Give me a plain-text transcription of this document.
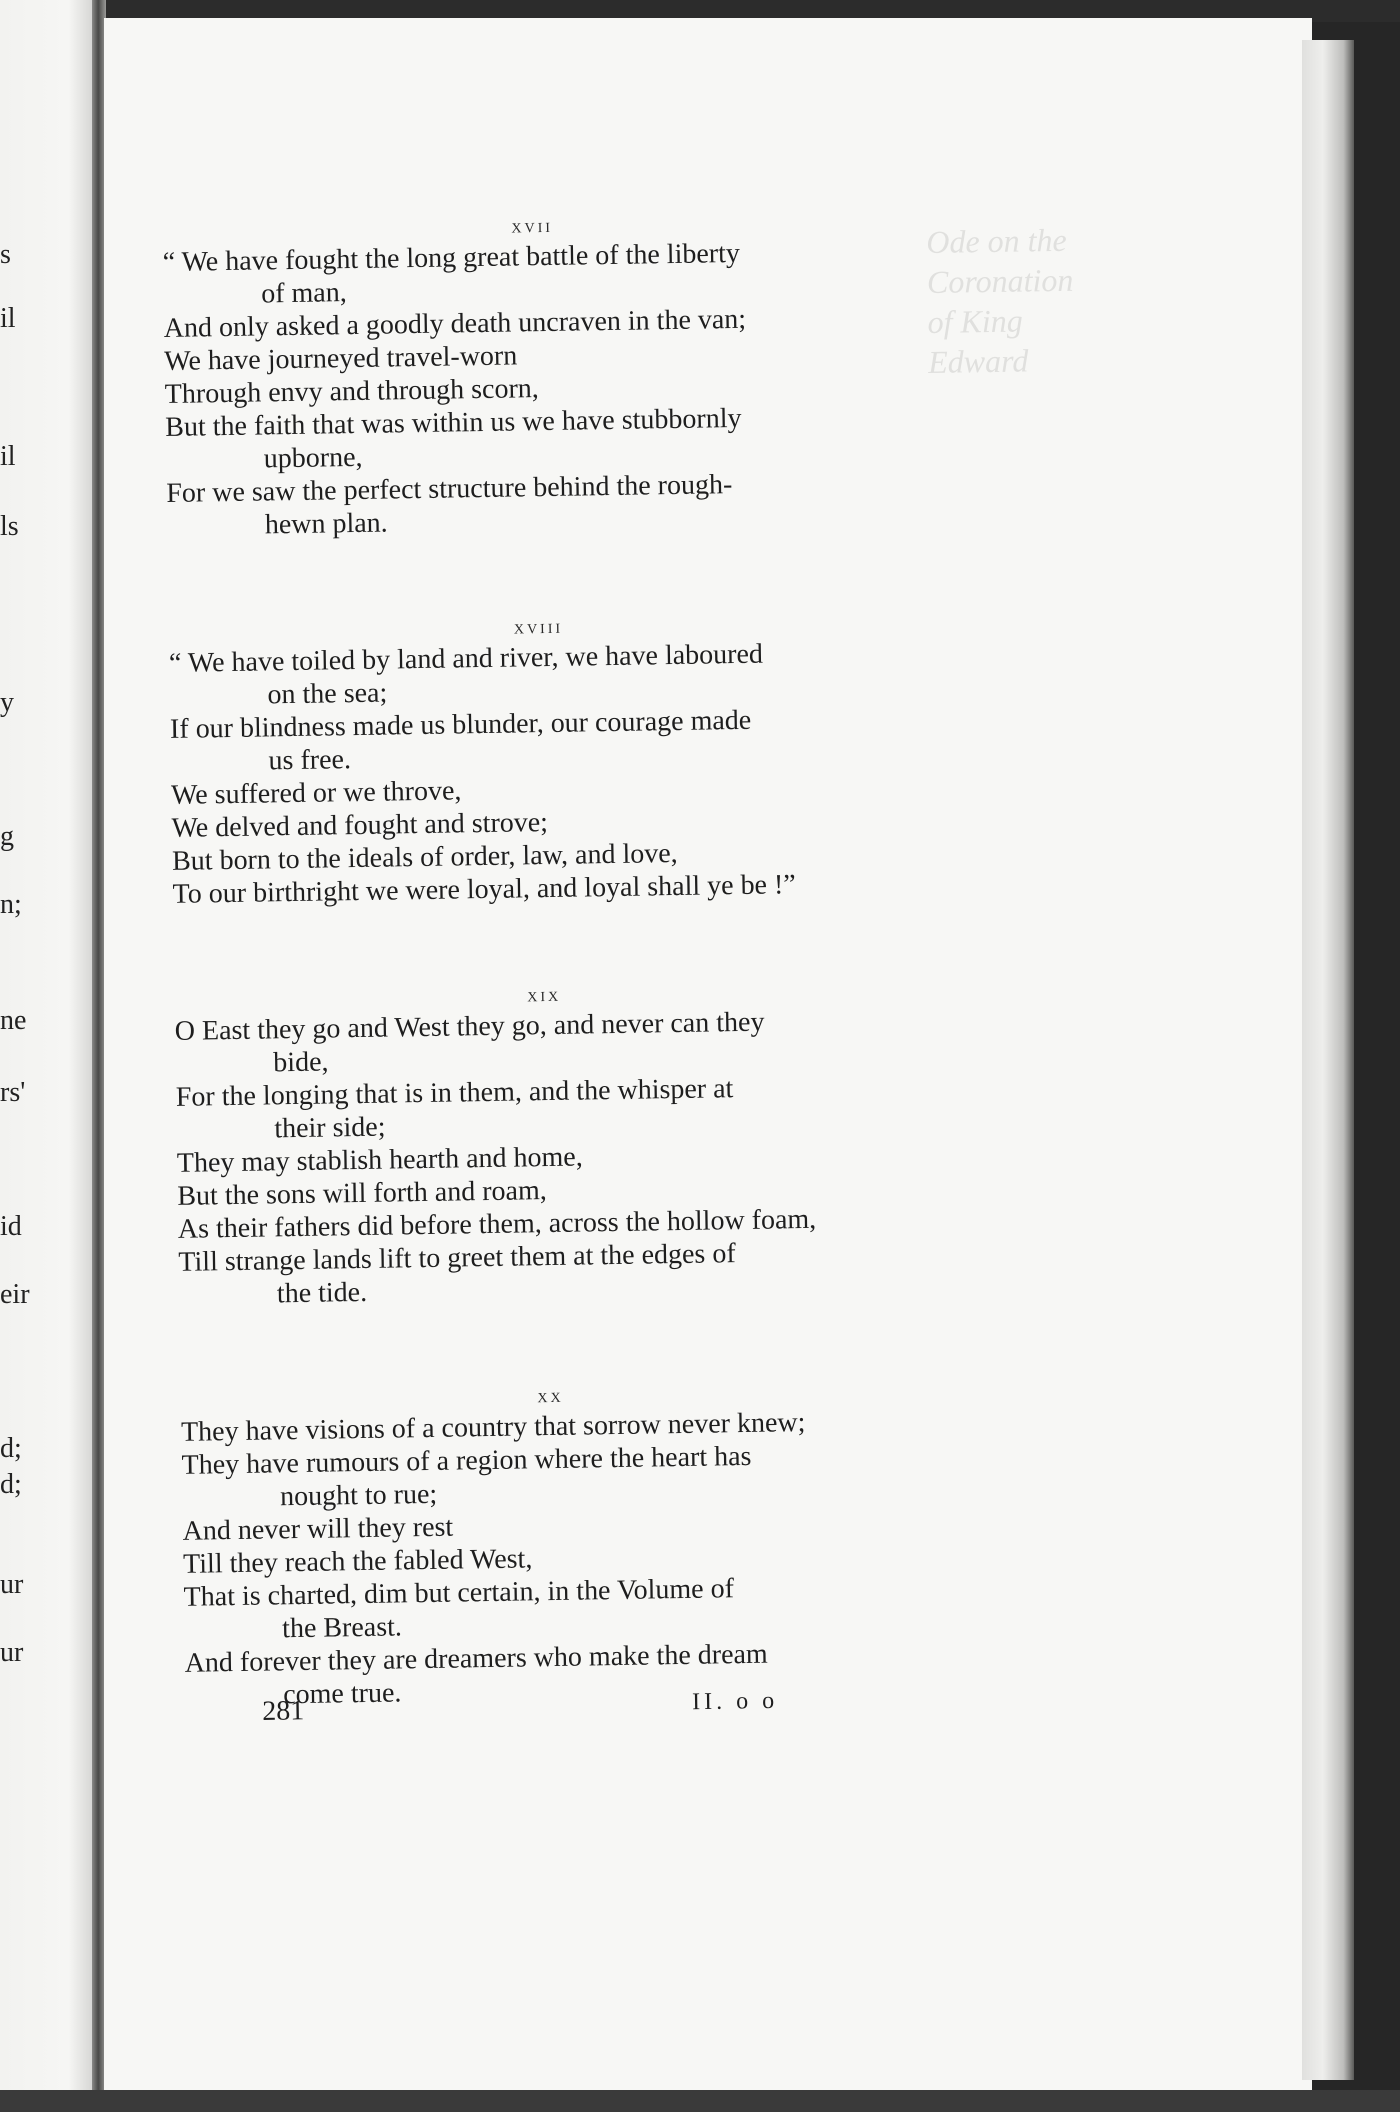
s
il
il
ls
y
g
n;
ne
rs'
id
eir
d;
d;
ur
ur
xvii
“ We have fought the long great battle of the liberty
of man,
And only asked a goodly death uncraven in the van;
We have journeyed travel-worn
Through envy and through scorn,
But the faith that was within us we have stubbornly
upborne,
For we saw the perfect structure behind the rough-
hewn plan.
xviii
“ We have toiled by land and river, we have laboured
on the sea;
If our blindness made us blunder, our courage made
us free.
We suffered or we throve,
We delved and fought and strove;
But born to the ideals of order, law, and love,
To our birthright we were loyal, and loyal shall ye be !”
xix
O East they go and West they go, and never can they
bide,
For the longing that is in them, and the whisper at
their side;
They may stablish hearth and home,
But the sons will forth and roam,
As their fathers did before them, across the hollow foam,
Till strange lands lift to greet them at the edges of
the tide.
xx
They have visions of a country that sorrow never knew;
They have rumours of a region where the heart has
nought to rue;
And never will they rest
Till they reach the fabled West,
That is charted, dim but certain, in the Volume of
the Breast.
And forever they are dreamers who make the dream
come true.
Ode on the
Coronation
of King
Edward
281	II. o o
